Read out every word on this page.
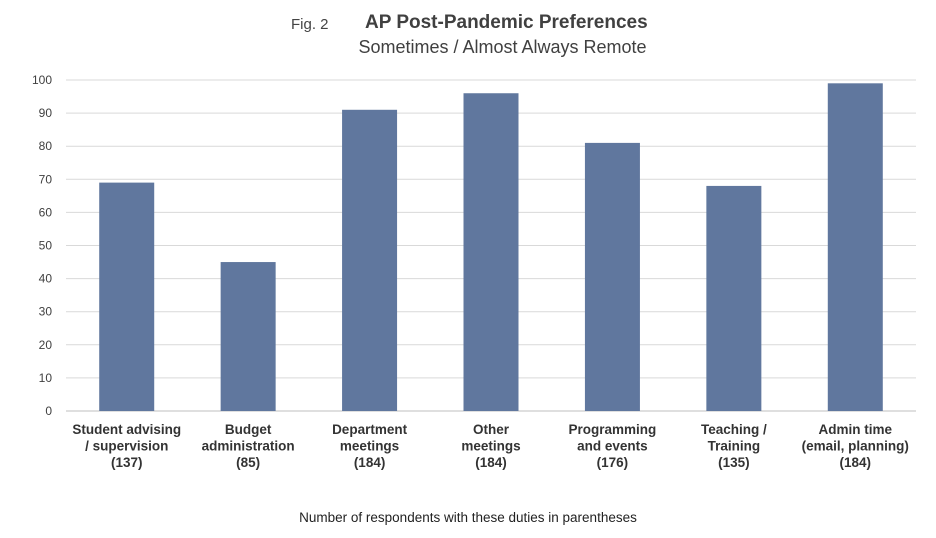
Fig. 2 AP Post-Pandemic Preferences
Sometimes / Almost Always Remote
0
10
20
30
40
50
60
70
80
90
100
Student advising / supervision (137)
Budget administration (85)
Department meetings (184)
Other meetings (184)
Programming and events (176)
Teaching / Training (135)
Admin time (email, planning) (184)
Number of respondents with these duties in parentheses
